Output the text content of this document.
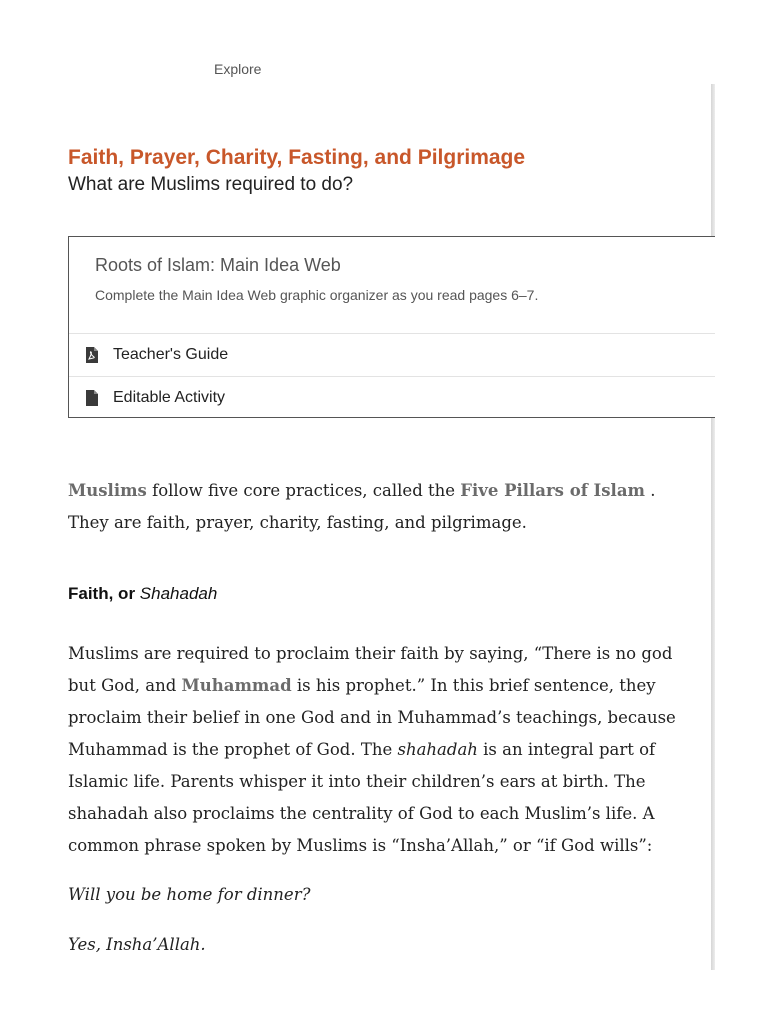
Explore
Faith, Prayer, Charity, Fasting, and Pilgrimage

What are Muslims required to do?

Roots of Islam: Main Idea Web

Complete the Main Idea Web graphic organizer as you read pages 6–7.

Teacher's Guide
Editable Activity

Muslims follow five core practices, called the Five Pillars of Islam . They are faith, prayer, charity, fasting, and pilgrimage.

Faith, or Shahadah

Muslims are required to proclaim their faith by saying, “There is no god but God, and Muhammad is his prophet.” In this brief sentence, they proclaim their belief in one God and in Muhammad’s teachings, because Muhammad is the prophet of God. The shahadah is an integral part of Islamic life. Parents whisper it into their children’s ears at birth. The shahadah also proclaims the centrality of God to each Muslim’s life. A common phrase spoken by Muslims is “Insha’Allah,” or “if God wills”:

Will you be home for dinner?

Yes, Insha’Allah.
